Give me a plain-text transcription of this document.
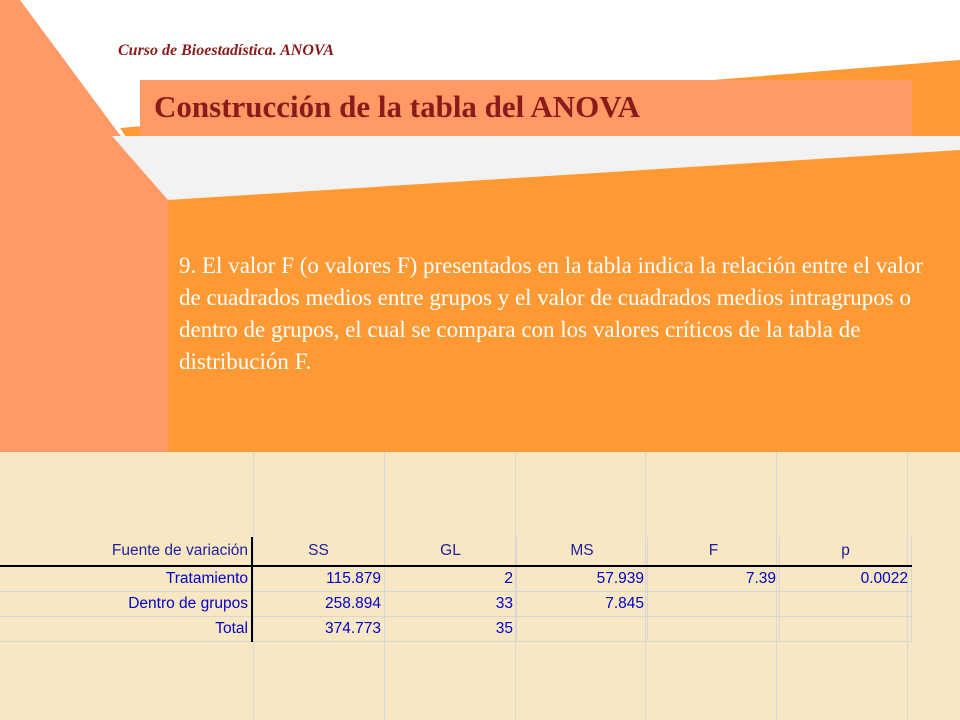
Curso de Bioestadística. ANOVA
Construcción de la tabla del ANOVA
9. El valor F (o valores F) presentados en la tabla indica la relación entre el valor de cuadrados medios entre grupos y el valor de cuadrados medios intragrupos o dentro de grupos, el cual se compara con los valores críticos de la tabla de distribución F.
Fuente de variación	SS	GL	MS	F	p
Tratamiento	115.879	2	57.939	7.39	0.0022
Dentro de grupos	258.894	33	7.845		
Total	374.773	35			
